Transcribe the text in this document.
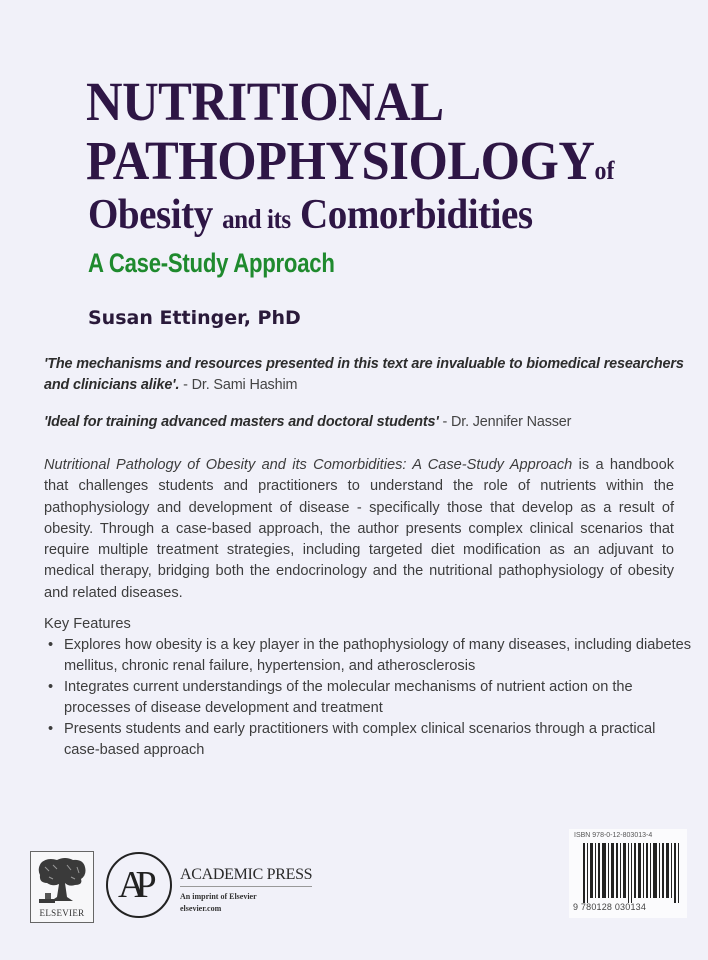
NUTRITIONAL
PATHOPHYSIOLOGYof
Obesity and its Comorbidities
A Case-Study Approach
Susan Ettinger, PhD
'The mechanisms and resources presented in this text are invaluable to biomedical researchers and clinicians alike'. - Dr. Sami Hashim
'Ideal for training advanced masters and doctoral students' - Dr. Jennifer Nasser
Nutritional Pathology of Obesity and its Comorbidities: A Case-Study Approach is a handbook that challenges students and practitioners to understand the role of nutrients within the pathophysiology and development of disease - specifically those that develop as a result of obesity. Through a case-based approach, the author presents complex clinical scenarios that require multiple treatment strategies, including targeted diet modification as an adjuvant to medical therapy, bridging both the endocrinology and the nutritional pathophysiology of obesity and related diseases.
Key Features
• Explores how obesity is a key player in the pathophysiology of many diseases, including diabetes mellitus, chronic renal failure, hypertension, and atherosclerosis
• Integrates current understandings of the molecular mechanisms of nutrient action on the processes of disease development and treatment
• Presents students and early practitioners with complex clinical scenarios through a practical case-based approach
ELSEVIER
AP ACADEMIC PRESS
An imprint of Elsevier
elsevier.com
ISBN 978-0-12-803013-4
9 780128 030134
